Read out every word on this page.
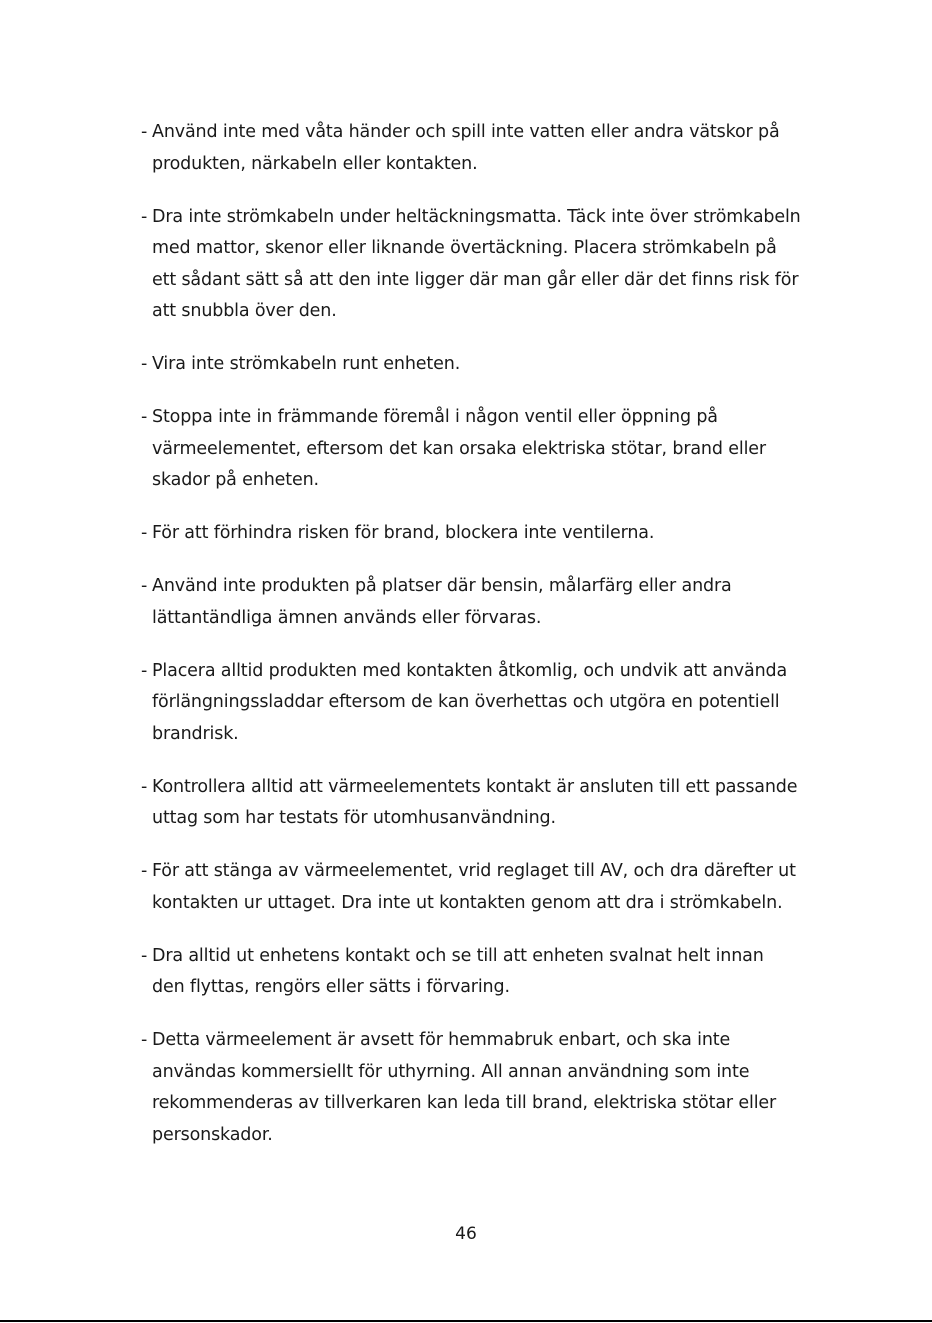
- Använd inte med våta händer och spill inte vatten eller andra vätskor på produkten, närkabeln eller kontakten.
- Dra inte strömkabeln under heltäckningsmatta. Täck inte över strömkabeln med mattor, skenor eller liknande övertäckning. Placera strömkabeln på ett sådant sätt så att den inte ligger där man går eller där det finns risk för att snubbla över den.
- Vira inte strömkabeln runt enheten.
- Stoppa inte in främmande föremål i någon ventil eller öppning på värmeelementet, eftersom det kan orsaka elektriska stötar, brand eller skador på enheten.
- För att förhindra risken för brand, blockera inte ventilerna.
- Använd inte produkten på platser där bensin, målarfärg eller andra lättantändliga ämnen används eller förvaras.
- Placera alltid produkten med kontakten åtkomlig, och undvik att använda förlängningssladdar eftersom de kan överhettas och utgöra en potentiell brandrisk.
- Kontrollera alltid att värmeelementets kontakt är ansluten till ett passande uttag som har testats för utomhusanvändning.
- För att stänga av värmeelementet, vrid reglaget till AV, och dra därefter ut kontakten ur uttaget. Dra inte ut kontakten genom att dra i strömkabeln.
- Dra alltid ut enhetens kontakt och se till att enheten svalnat helt innan den flyttas, rengörs eller sätts i förvaring.
- Detta värmeelement är avsett för hemmabruk enbart, och ska inte användas kommersiellt för uthyrning. All annan användning som inte rekommenderas av tillverkaren kan leda till brand, elektriska stötar eller personskador.
46
